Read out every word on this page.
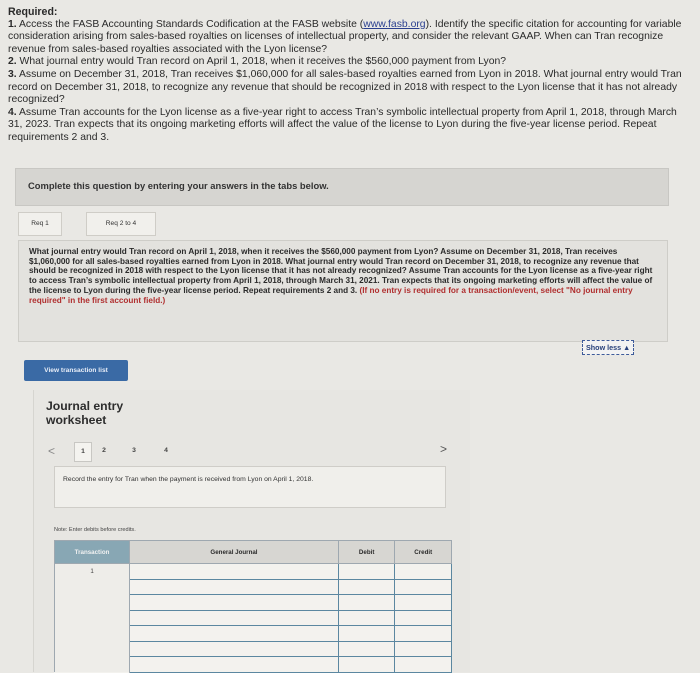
Required:

1. Access the FASB Accounting Standards Codification at the FASB website (www.fasb.org). Identify the specific citation for accounting for variable consideration arising from sales-based royalties on licenses of intellectual property, and consider the relevant GAAP. When can Tran recognize revenue from sales-based royalties associated with the Lyon license?

2. What journal entry would Tran record on April 1, 2018, when it receives the $560,000 payment from Lyon?

3. Assume on December 31, 2018, Tran receives $1,060,000 for all sales-based royalties earned from Lyon in 2018. What journal entry would Tran record on December 31, 2018, to recognize any revenue that should be recognized in 2018 with respect to the Lyon license that it has not already recognized?

4. Assume Tran accounts for the Lyon license as a five-year right to access Tran’s symbolic intellectual property from April 1, 2018, through March 31, 2023. Tran expects that its ongoing marketing efforts will affect the value of the license to Lyon during the five-year license period. Repeat requirements 2 and 3.

Complete this question by entering your answers in the tabs below.
Req 1	Req 2 to 4

What journal entry would Tran record on April 1, 2018, when it receives the $560,000 payment from Lyon? Assume on December 31, 2018, Tran receives $1,060,000 for all sales-based royalties earned from Lyon in 2018. What journal entry would Tran record on December 31, 2018, to recognize any revenue that should be recognized in 2018 with respect to the Lyon license that it has not already recognized? Assume Tran accounts for the Lyon license as a five-year right to access Tran’s symbolic intellectual property from April 1, 2018, through March 31, 2021. Tran expects that its ongoing marketing efforts will affect the value of the license to Lyon during the five-year license period. Repeat requirements 2 and 3. (If no entry is required for a transaction/event, select "No journal entry required" in the first account field.)

Show less ▲
View transaction list
Journal entry worksheet
<	1	2	3	4	>
Record the entry for Tran when the payment is received from Lyon on April 1, 2018.
Note: Enter debits before credits.
Transaction	General Journal	Debit	Credit
1			
